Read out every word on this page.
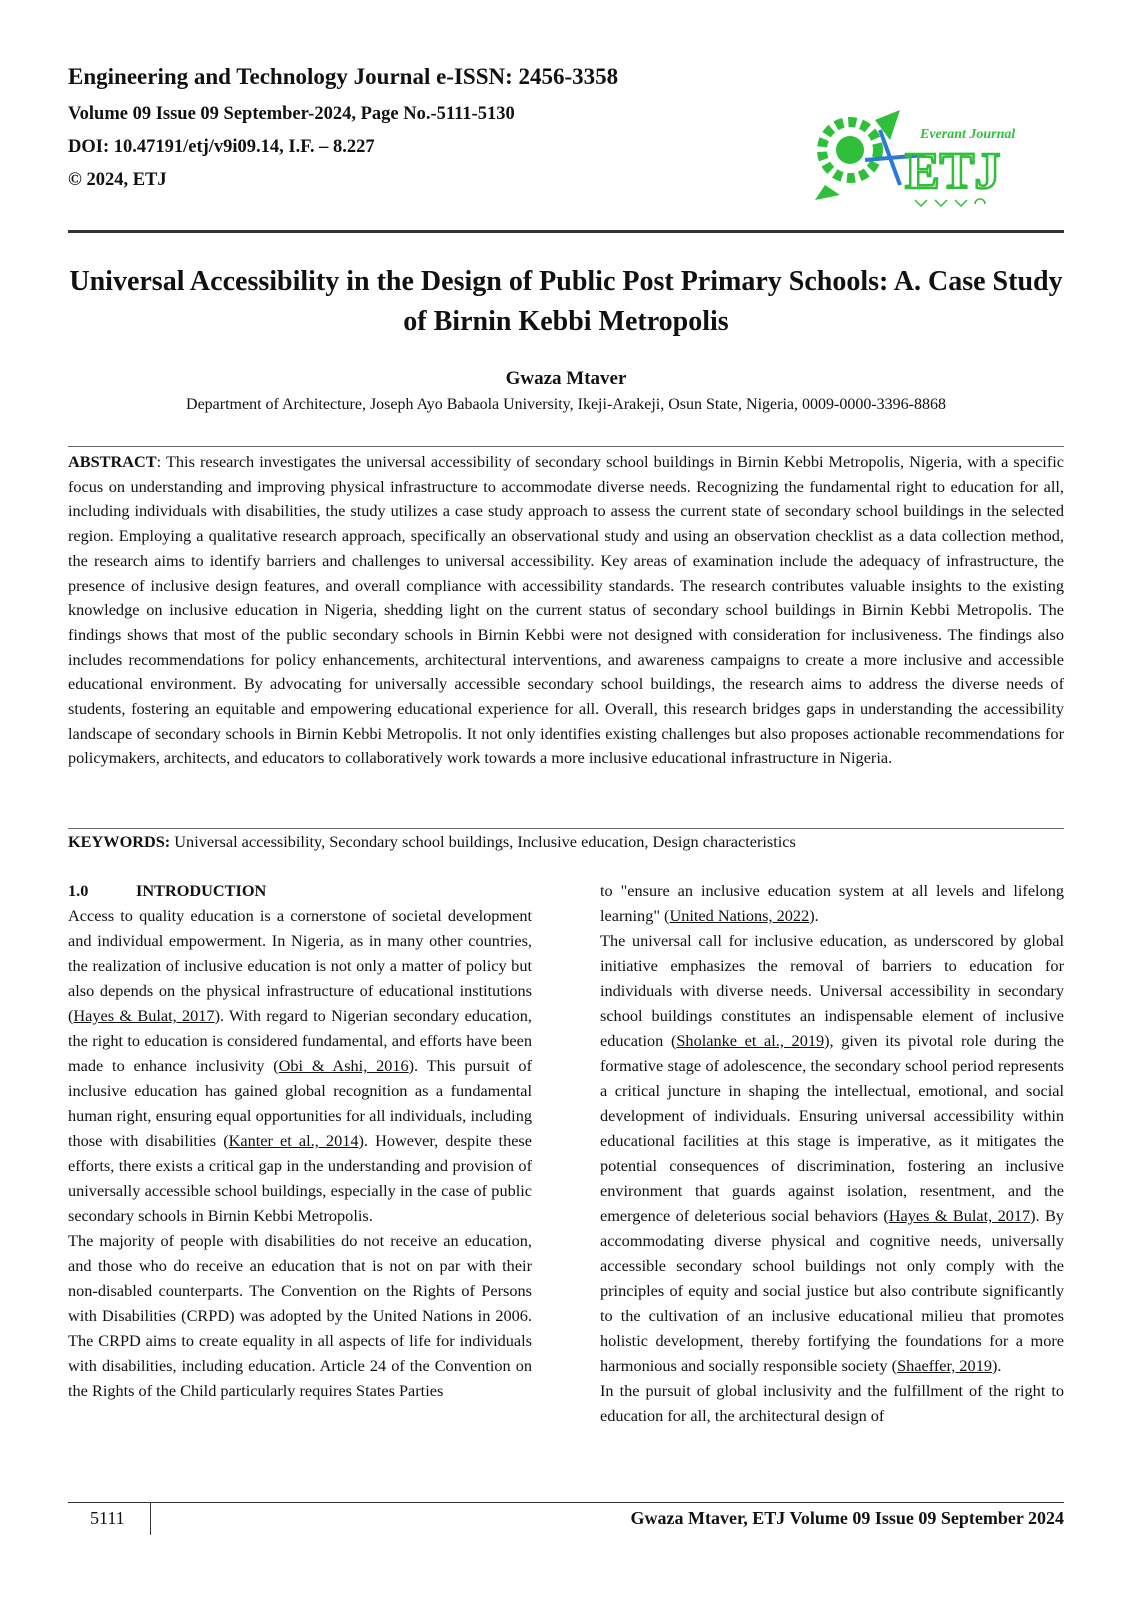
Engineering and Technology Journal e-ISSN: 2456-3358
Volume 09 Issue 09 September-2024, Page No.-5111-5130
DOI: 10.47191/etj/v9i09.14, I.F. – 8.227
© 2024, ETJ
Everant Journal
ETJ
Universal Accessibility in the Design of Public Post Primary Schools: A. Case Study of Birnin Kebbi Metropolis
Gwaza Mtaver
Department of Architecture, Joseph Ayo Babaola University, Ikeji-Arakeji, Osun State, Nigeria, 0009-0000-3396-8868

ABSTRACT: This research investigates the universal accessibility of secondary school buildings in Birnin Kebbi Metropolis, Nigeria, with a specific focus on understanding and improving physical infrastructure to accommodate diverse needs. Recognizing the fundamental right to education for all, including individuals with disabilities, the study utilizes a case study approach to assess the current state of secondary school buildings in the selected region. Employing a qualitative research approach, specifically an observational study and using an observation checklist as a data collection method, the research aims to identify barriers and challenges to universal accessibility. Key areas of examination include the adequacy of infrastructure, the presence of inclusive design features, and overall compliance with accessibility standards. The research contributes valuable insights to the existing knowledge on inclusive education in Nigeria, shedding light on the current status of secondary school buildings in Birnin Kebbi Metropolis. The findings shows that most of the public secondary schools in Birnin Kebbi were not designed with consideration for inclusiveness. The findings also includes recommendations for policy enhancements, architectural interventions, and awareness campaigns to create a more inclusive and accessible educational environment. By advocating for universally accessible secondary school buildings, the research aims to address the diverse needs of students, fostering an equitable and empowering educational experience for all. Overall, this research bridges gaps in understanding the accessibility landscape of secondary schools in Birnin Kebbi Metropolis. It not only identifies existing challenges but also proposes actionable recommendations for policymakers, architects, and educators to collaboratively work towards a more inclusive educational infrastructure in Nigeria.

KEYWORDS: Universal accessibility, Secondary school buildings, Inclusive education, Design characteristics

1.0	INTRODUCTION

Access to quality education is a cornerstone of societal development and individual empowerment. In Nigeria, as in many other countries, the realization of inclusive education is not only a matter of policy but also depends on the physical infrastructure of educational institutions (Hayes & Bulat, 2017). With regard to Nigerian secondary education, the right to education is considered fundamental, and efforts have been made to enhance inclusivity (Obi & Ashi, 2016). This pursuit of inclusive education has gained global recognition as a fundamental human right, ensuring equal opportunities for all individuals, including those with disabilities (Kanter et al., 2014). However, despite these efforts, there exists a critical gap in the understanding and provision of universally accessible school buildings, especially in the case of public secondary schools in Birnin Kebbi Metropolis.

The majority of people with disabilities do not receive an education, and those who do receive an education that is not on par with their non-disabled counterparts. The Convention on the Rights of Persons with Disabilities (CRPD) was adopted by the United Nations in 2006. The CRPD aims to create equality in all aspects of life for individuals with disabilities, including education. Article 24 of the Convention on the Rights of the Child particularly requires States Parties

to "ensure an inclusive education system at all levels and lifelong learning" (United Nations, 2022).

The universal call for inclusive education, as underscored by global initiative emphasizes the removal of barriers to education for individuals with diverse needs. Universal accessibility in secondary school buildings constitutes an indispensable element of inclusive education (Sholanke et al., 2019), given its pivotal role during the formative stage of adolescence, the secondary school period represents a critical juncture in shaping the intellectual, emotional, and social development of individuals. Ensuring universal accessibility within educational facilities at this stage is imperative, as it mitigates the potential consequences of discrimination, fostering an inclusive environment that guards against isolation, resentment, and the emergence of deleterious social behaviors (Hayes & Bulat, 2017). By accommodating diverse physical and cognitive needs, universally accessible secondary school buildings not only comply with the principles of equity and social justice but also contribute significantly to the cultivation of an inclusive educational milieu that promotes holistic development, thereby fortifying the foundations for a more harmonious and socially responsible society (Shaeffer, 2019).

In the pursuit of global inclusivity and the fulfillment of the right to education for all, the architectural design of

5111	Gwaza Mtaver, ETJ Volume 09 Issue 09 September 2024
